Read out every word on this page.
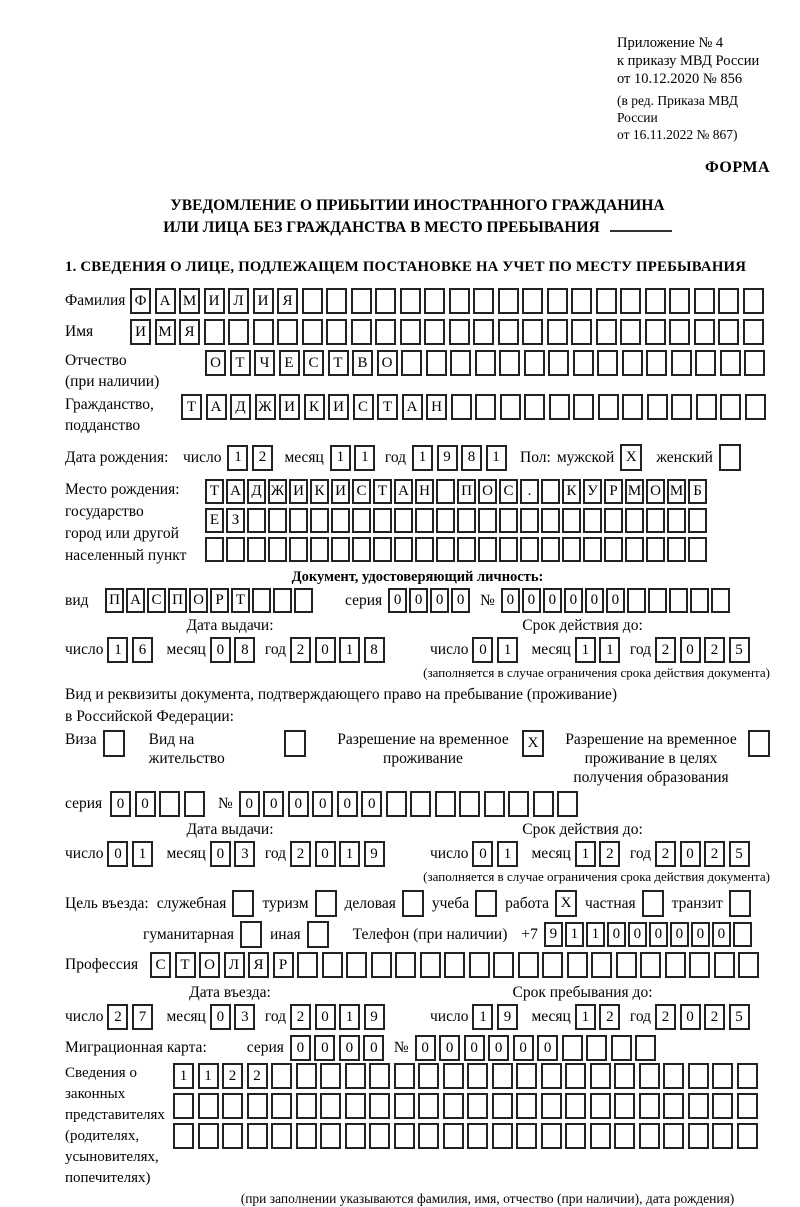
Приложение № 4
к приказу МВД России
от 10.12.2020 № 856
(в ред. Приказа МВД России
от 16.11.2022 № 867)
ФОРМА
УВЕДОМЛЕНИЕ О ПРИБЫТИИ ИНОСТРАННОГО ГРАЖДАНИНА
ИЛИ ЛИЦА БЕЗ ГРАЖДАНСТВА В МЕСТО ПРЕБЫВАНИЯ
1. СВЕДЕНИЯ О ЛИЦЕ, ПОДЛЕЖАЩЕМ ПОСТАНОВКЕ НА УЧЕТ ПО МЕСТУ ПРЕБЫВАНИЯ
Фамилия Ф А М И Л И Я
Имя	И М Я
Отчество
(при наличии)
О Т	Ч	Е С Т В О
Гражданство,
подданство
Т А Д Ж И К И С Т А Н
Дата рождения: число 1	2	месяц 1	1	год 1	9	8	1	Пол: мужской X	женский
Место рождения:
государство
город или другой
населенный пункт
Т А Д Ж И К И С Т А Н П О С .	К У Р М О М Б
Е З
Документ, удостоверяющий личность:
вид	П А С П О Р Т	серия 0 0 0 0	№ 0 0 0 0 0 0
Дата выдачи:
число 1	6	месяц 0	8	год 2	0	1	8
Срок действия до:
число 0	1	месяц 1	1	год 2	0	2	5
(заполняется в случае ограничения срока действия документа)
Вид и реквизиты документа, подтверждающего право на пребывание (проживание)
в Российской Федерации:
Виза	Вид на жительство
Разрешение на временное проживание
X	Разрешение на временное проживание в целях получения образования
серия 0	0	№ 0	0	0	0	0	0
Дата выдачи:
число 0	1	месяц 0	3	год 2	0	1	9
Срок действия до:
число 0	1	месяц 1	2	год 2	0	2	5
(заполняется в случае ограничения срока действия документа)
Цель въезда: служебная туризм деловая учеба работа X частная транзит
гуманитарная иная	Телефон (при наличии) +7 9 1 1 0 0 0 0 0 0
Профессия	С Т О Л Я	Р
Дата въезда:
число 2	7	месяц 0	3	год 2	0	1	9
Срок пребывания до:
число 1	9	месяц 1	2	год 2	0	2	5
Миграционная карта:	серия 0	0	0	0	№ 0	0	0	0	0	0
Сведения о
законных
представителях
(родителях,
усыновителях,
попечителях)
1	1	2	2
(при заполнении указываются фамилия, имя, отчество (при наличии), дата рождения)
